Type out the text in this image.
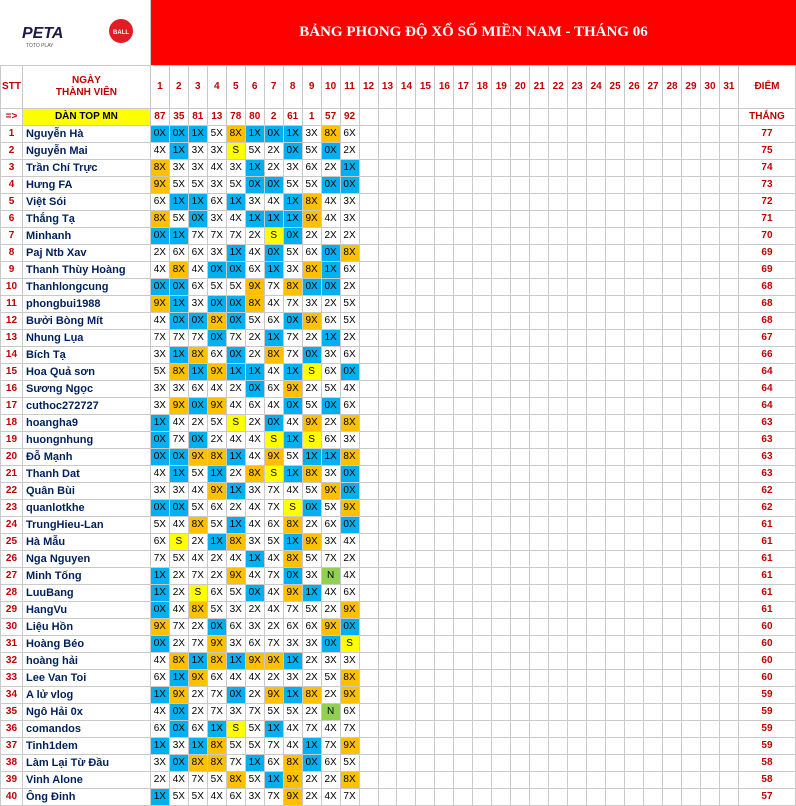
PETA	BALL
TOTO PLAY
BẢNG PHONG ĐỘ XỔ SỐ MIỀN NAM - THÁNG 06
STT	NGÀY
THÀNH VIÊN	1	2	3	4	5	6	7	8	9	10	11	12	13	14	15	16	17	18	19	20	21	22	23	24	25	26	27	28	29	30	31	ĐIỂM
=>	DÀN TOP MN	87	35	81	13	78	80	2	61	1	57	92																					THẮNG
1	Nguyễn Hà	0X	0X	1X	5X	8X	1X	0X	1X	3X	8X	6X																					77
2	Nguyễn Mai	4X	1X	3X	3X	S	5X	2X	0X	5X	0X	2X																					75
3	Trần Chí Trực	8X	3X	3X	4X	3X	1X	2X	3X	6X	2X	1X																					74
4	Hưng FA	9X	5X	5X	3X	5X	0X	0X	5X	5X	0X	0X																					73
5	Việt Sói	6X	1X	1X	6X	1X	3X	4X	1X	8X	4X	3X																					72
6	Thắng Tạ	8X	5X	0X	3X	4X	1X	1X	1X	9X	4X	3X																					71
7	Minhanh	0X	1X	7X	7X	7X	2X	S	0X	2X	2X	2X																					70
8	Paj Ntb Xav	2X	6X	6X	3X	1X	4X	0X	5X	6X	0X	8X																					69
9	Thanh Thùy Hoàng	4X	8X	4X	0X	0X	6X	1X	3X	8X	1X	6X																					69
10	Thanhlongcung	0X	0X	6X	5X	5X	9X	7X	8X	0X	0X	2X																					68
11	phongbui1988	9X	1X	3X	0X	0X	8X	4X	7X	3X	2X	5X																					68
12	Bưởi Bòng Mít	4X	0X	0X	8X	0X	5X	6X	0X	9X	6X	5X																					68
13	Nhung Lụa	7X	7X	7X	0X	7X	2X	1X	7X	2X	1X	2X																					67
14	Bích Tạ	3X	1X	8X	6X	0X	2X	8X	7X	0X	3X	6X																					66
15	Hoa Quả sơn	5X	8X	1X	9X	1X	1X	4X	1X	S	6X	0X																					64
16	Sương Ngọc	3X	3X	6X	4X	2X	0X	6X	9X	2X	5X	4X																					64
17	cuthoc272727	3X	9X	0X	9X	4X	6X	4X	0X	5X	0X	6X																					64
18	hoangha9	1X	4X	2X	5X	S	2X	0X	4X	9X	2X	8X																					63
19	huongnhung	0X	7X	0X	2X	4X	4X	S	1X	S	6X	3X																					63
20	Đỗ Mạnh	0X	0X	9X	8X	1X	4X	9X	5X	1X	1X	8X																					63
21	Thanh Dat	4X	1X	5X	1X	2X	8X	S	1X	8X	3X	0X																					63
22	Quân Bùi	3X	3X	4X	9X	1X	3X	7X	4X	5X	9X	0X																					62
23	quanlotkhe	0X	0X	5X	6X	2X	4X	7X	S	0X	5X	9X																					62
24	TrungHieu-Lan	5X	4X	8X	5X	1X	4X	6X	8X	2X	6X	0X																					61
25	Hà Mẫu	6X	S	2X	1X	8X	3X	5X	1X	9X	3X	4X																					61
26	Nga Nguyen	7X	5X	4X	2X	4X	1X	4X	8X	5X	7X	2X																					61
27	Minh Tống	1X	2X	7X	2X	9X	4X	7X	0X	3X	N	4X																					61
28	LuuBang	1X	2X	S	6X	5X	0X	4X	9X	1X	4X	6X																					61
29	HangVu	0X	4X	8X	5X	3X	2X	4X	7X	5X	2X	9X																					61
30	Liệu Hồn	9X	7X	2X	0X	6X	3X	2X	6X	6X	9X	0X																					60
31	Hoàng Béo	0X	2X	7X	9X	3X	6X	7X	3X	3X	0X	S																					60
32	hoàng hải	4X	8X	1X	8X	1X	9X	9X	1X	2X	3X	3X																					60
33	Lee Van Toi	6X	1X	9X	6X	4X	4X	2X	3X	2X	5X	8X																					60
34	A lử vlog	1X	9X	2X	7X	0X	2X	9X	1X	8X	2X	9X																					59
35	Ngô Hải 0x	4X	0X	2X	7X	3X	7X	5X	5X	2X	N	6X																					59
36	comandos	6X	0X	6X	1X	S	5X	1X	4X	7X	4X	7X																					59
37	Tinh1dem	1X	3X	1X	8X	5X	5X	7X	4X	1X	7X	9X																					59
38	Làm Lại Từ Đầu	3X	0X	8X	8X	7X	1X	6X	8X	0X	6X	5X																					58
39	Vinh Alone	2X	4X	7X	5X	8X	5X	1X	9X	2X	2X	8X																					58
40	Ông Đinh	1X	5X	5X	4X	6X	3X	7X	9X	2X	4X	7X																					57
